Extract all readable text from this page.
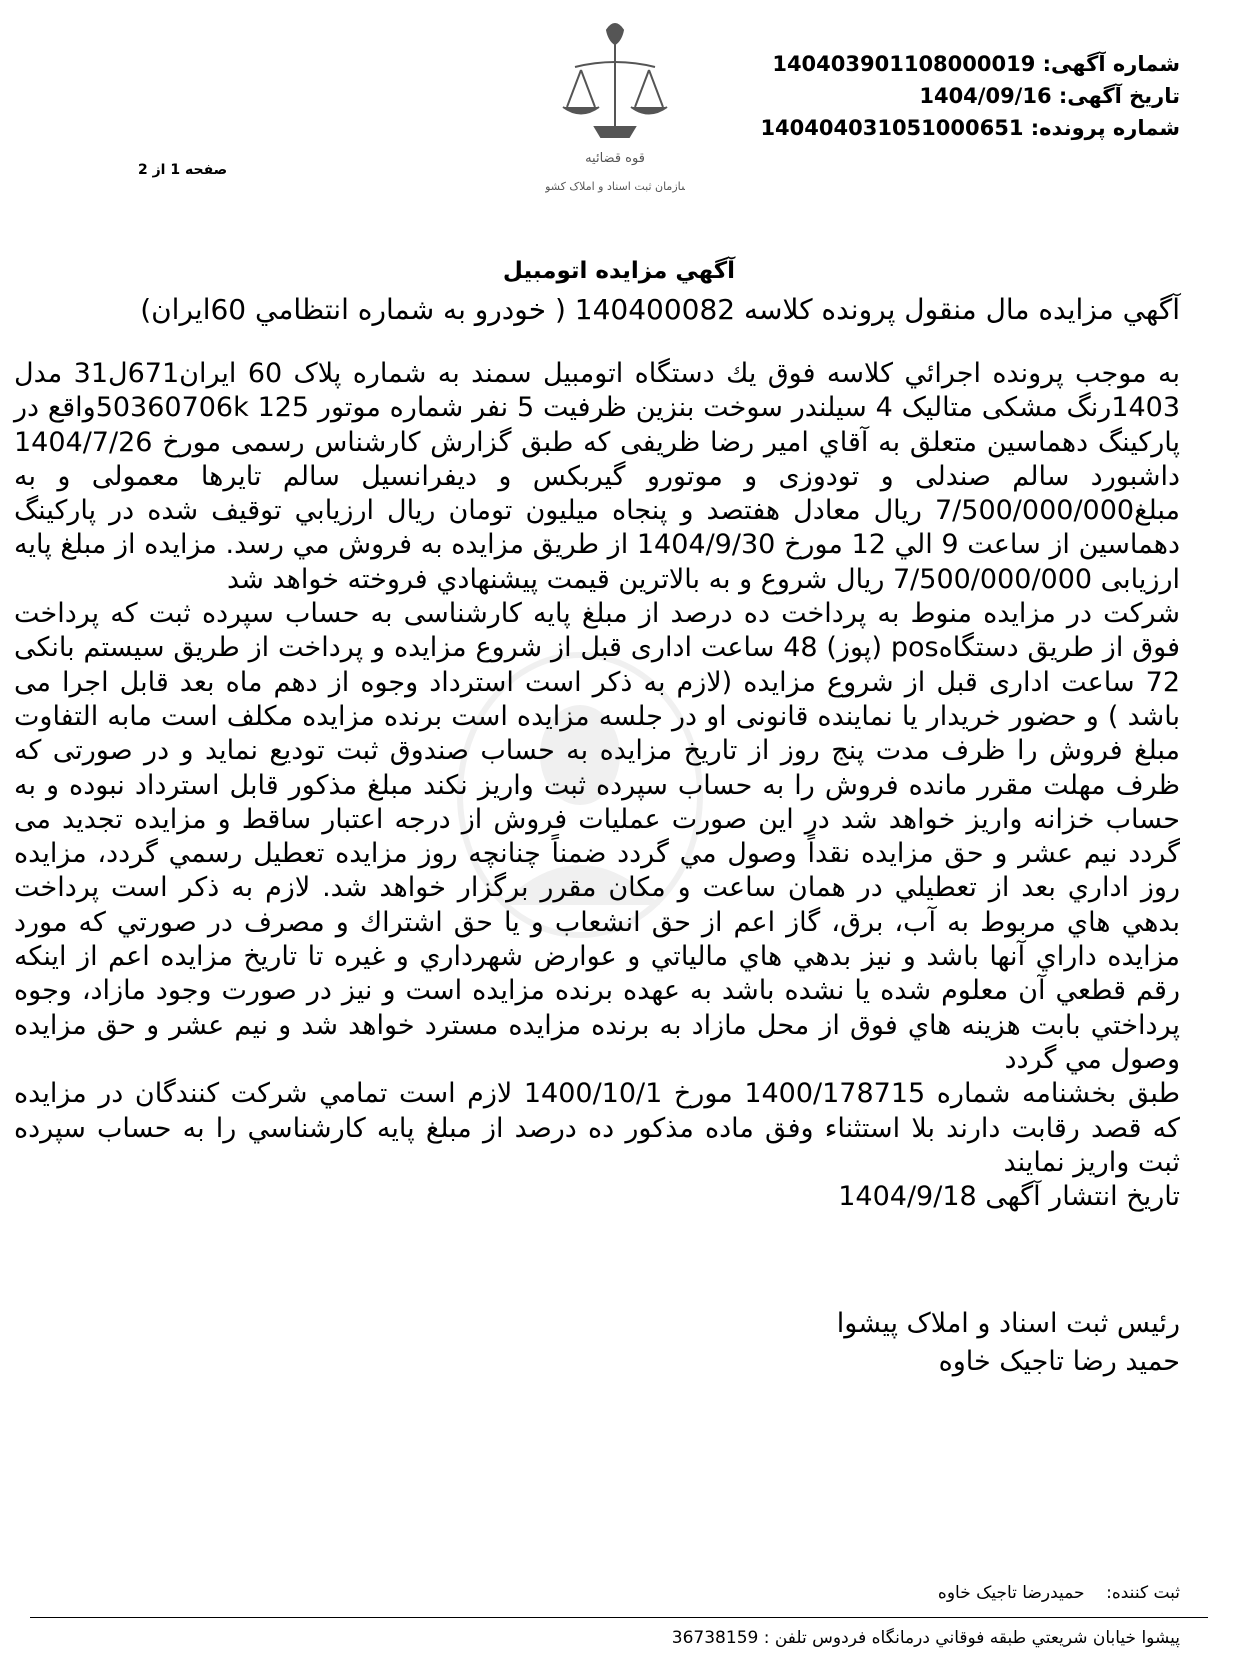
قوه قضائیه
سازمان ثبت اسناد و املاک کشور
شماره آگهی: 140403901108000019
تاریخ آگهی: 1404/09/16
شماره پرونده: 140404031051000651
صفحه 1 از 2
آگهي مزايده اتومبيل
آگهي مزايده مال منقول پرونده كلاسه 140400082 ( خودرو به شماره انتظامي 60ايران)

به موجب پرونده اجرائي كلاسه فوق يك دستگاه اتومبيل سمند به شماره پلاک 60 ایران671ل31 مدل 1403رنگ مشکی متالیک 4 سیلندر سوخت بنزین ظرفیت 5 نفر شماره موتور 125 50360706kواقع در پارکینگ دهماسین متعلق به آقاي امیر رضا ظریفی که طبق گزارش کارشناس رسمی مورخ 1404/7/26 داشبورد سالم صندلی و تودوزی و موتورو گیربکس و دیفرانسیل سالم تایرها معمولی و به مبلغ7/500/000/000 ريال معادل هفتصد و پنجاه ميليون تومان ريال ارزيابي توقيف شده در پارکینگ دهماسین از ساعت 9 الي 12 مورخ 1404/9/30 از طريق مزايده به فروش مي رسد. مزايده از مبلغ پايه ارزيابی 7/500/000/000 ريال شروع و به بالاترين قيمت پيشنهادي فروخته خواهد شد

شرکت در مزایده منوط به پرداخت ده درصد از مبلغ پایه کارشناسی به حساب سپرده ثبت که پرداخت فوق از طریق دستگاهpos (پوز) 48 ساعت اداری قبل از شروع مزایده و پرداخت از طریق سیستم بانکی 72 ساعت اداری قبل از شروع مزایده (لازم به ذکر است استرداد وجوه از دهم ماه بعد قابل اجرا می باشد ) و حضور خریدار یا نماینده قانونی او در جلسه مزایده است برنده مزایده مکلف است مابه التفاوت مبلغ فروش را ظرف مدت پنج روز از تاریخ مزایده به حساب صندوق ثبت تودیع نماید و در صورتی که ظرف مهلت مقرر مانده فروش را به حساب سپرده ثبت واریز نکند مبلغ مذکور قابل استرداد نبوده و به حساب خزانه واریز خواهد شد در این صورت عملیات فروش از درجه اعتبار ساقط و مزایده تجدید می گردد نیم عشر و حق مزايده نقداً وصول مي گردد ضمناً چنانچه روز مزايده تعطيل رسمي گردد، مزايده روز اداري بعد از تعطيلي در همان ساعت و مكان مقرر برگزار خواهد شد. لازم به ذكر است پرداخت بدهي هاي مربوط به آب، برق، گاز اعم از حق انشعاب و يا حق اشتراك و مصرف در صورتي كه مورد مزايده داراي آنها باشد و نيز بدهي هاي مالياتي و عوارض شهرداري و غيره تا تاريخ مزايده اعم از اينكه رقم قطعي آن معلوم شده يا نشده باشد به عهده برنده مزايده است و نيز در صورت وجود مازاد، وجوه پرداختي بابت هزينه هاي فوق از محل مازاد به برنده مزايده مسترد خواهد شد و نيم عشر و حق مزايده وصول مي گردد

طبق بخشنامه شماره 1400/178715 مورخ 1400/10/1 لازم است تمامي شركت كنندگان در مزايده كه قصد رقابت دارند بلا استثناء وفق ماده مذكور ده درصد از مبلغ پايه كارشناسي را به حساب سپرده ثبت واريز نمايند

تاريخ انتشار آگهی 1404/9/18

رئیس ثبت اسناد و املاک پیشوا
حمید رضا تاجیک خاوه
ثبت کننده:    حمیدرضا تاجیک خاوه
پيشوا خيابان شريعتي طبقه فوقاني درمانگاه فردوس تلفن : 36738159
